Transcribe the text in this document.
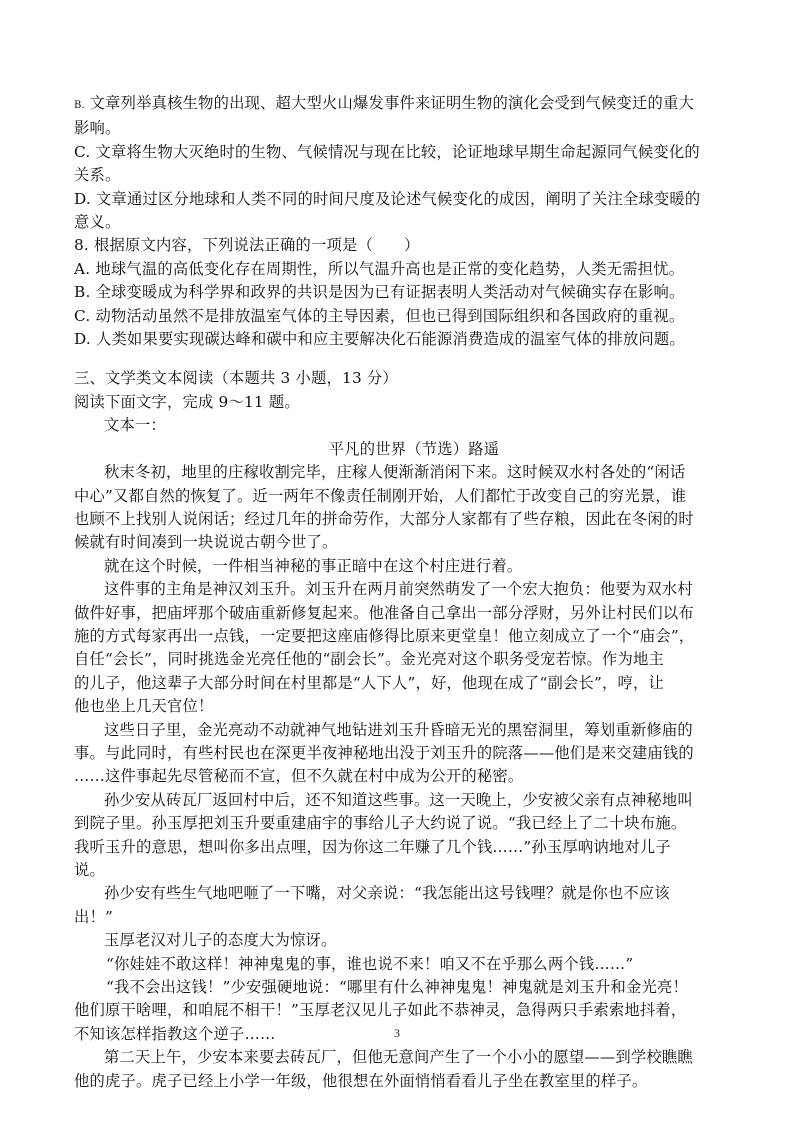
B. 文章列举真核生物的出现、超大型火山爆发事件来证明生物的演化会受到气候变迁的重大
影响。
C. 文章将生物大灭绝时的生物、气候情况与现在比较，论证地球早期生命起源同气候变化的
关系。
D. 文章通过区分地球和人类不同的时间尺度及论述气候变化的成因，阐明了关注全球变暖的
意义。
8. 根据原文内容，下列说法正确的一项是（　　）
A. 地球气温的高低变化存在周期性，所以气温升高也是正常的变化趋势，人类无需担忧。
B. 全球变暖成为科学界和政界的共识是因为已有证据表明人类活动对气候确实存在影响。
C. 动物活动虽然不是排放温室气体的主导因素，但也已得到国际组织和各国政府的重视。
D. 人类如果要实现碳达峰和碳中和应主要解决化石能源消费造成的温室气体的排放问题。
三、文学类文本阅读（本题共 3 小题，13 分）
阅读下面文字，完成 9～11 题。
文本一：
平凡的世界（节选）路遥
秋末冬初，地里的庄稼收割完毕，庄稼人便渐渐消闲下来。这时候双水村各处的“闲话
中心”又都自然的恢复了。近一两年不像责任制刚开始，人们都忙于改变自己的穷光景，谁
也顾不上找别人说闲话；经过几年的拼命劳作，大部分人家都有了些存粮，因此在冬闲的时
候就有时间凑到一块说说古朝今世了。
就在这个时候，一件相当神秘的事正暗中在这个村庄进行着。
这件事的主角是神汉刘玉升。刘玉升在两月前突然萌发了一个宏大抱负：他要为双水村
做件好事，把庙坪那个破庙重新修复起来。他准备自己拿出一部分浮财，另外让村民们以布
施的方式每家再出一点钱，一定要把这座庙修得比原来更堂皇！他立刻成立了一个“庙会”，
自任“会长”，同时挑选金光亮任他的“副会长”。金光亮对这个职务受宠若惊。作为地主
的儿子，他这辈子大部分时间在村里都是“人下人”，好，他现在成了“副会长”，哼，让
他也坐上几天官位！
这些日子里，金光亮动不动就神气地钻进刘玉升昏暗无光的黑窑洞里，筹划重新修庙的
事。与此同时，有些村民也在深更半夜神秘地出没于刘玉升的院落——他们是来交建庙钱的
……这件事起先尽管秘而不宣，但不久就在村中成为公开的秘密。
孙少安从砖瓦厂返回村中后，还不知道这些事。这一天晚上，少安被父亲有点神秘地叫
到院子里。孙玉厚把刘玉升要重建庙宇的事给儿子大约说了说。“我已经上了二十块布施。
我听玉升的意思，想叫你多出点哩，因为你这二年赚了几个钱……”孙玉厚吶讷地对儿子
说。
孙少安有些生气地吧咂了一下嘴，对父亲说：“我怎能出这号钱哩？就是你也不应该
出！”
玉厚老汉对儿子的态度大为惊讶。
“你娃娃不敢这样！神神鬼鬼的事，谁也说不来！咱又不在乎那么两个钱……”
“我不会出这钱！”少安强硬地说：“哪里有什么神神鬼鬼！神鬼就是刘玉升和金光亮！
他们原干啥哩，和咱屁不相干！”玉厚老汉见儿子如此不恭神灵，急得两只手索索地抖着，
不知该怎样指教这个逆子……
第二天上午，少安本来要去砖瓦厂，但他无意间产生了一个小小的愿望——到学校瞧瞧
他的虎子。虎子已经上小学一年级，他很想在外面悄悄看看儿子坐在教室里的样子。
3
